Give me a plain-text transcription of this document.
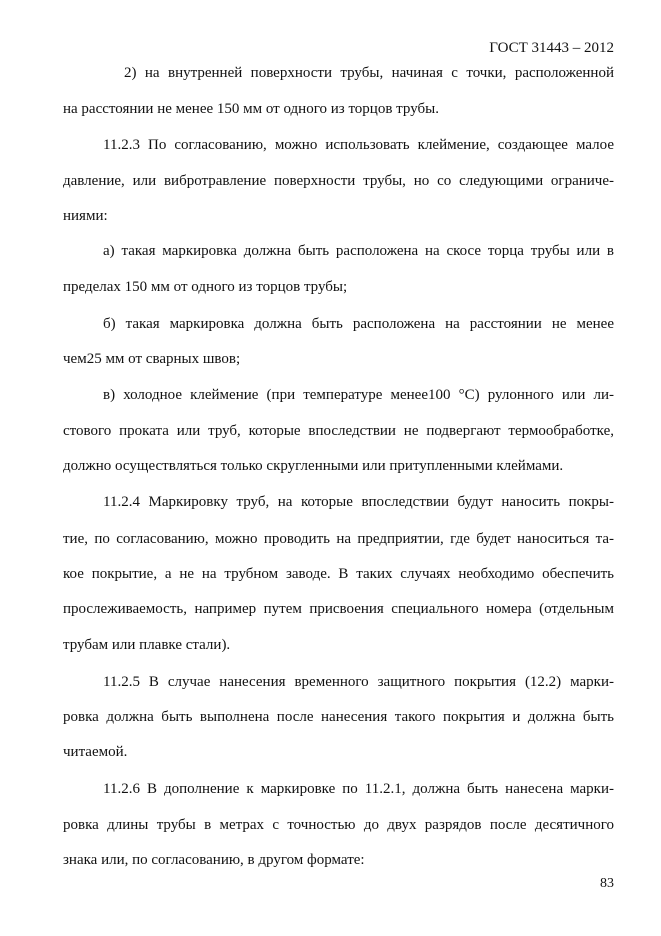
ГОСТ 31443 – 2012
2) на внутренней поверхности трубы, начиная с точки, расположенной
на расстоянии не менее 150 мм от одного из торцов трубы.
11.2.3 По согласованию, можно использовать клеймение, создающее малое
давление, или вибротравление поверхности трубы, но со следующими ограниче-
ниями:
а) такая маркировка должна быть расположена на скосе торца трубы или в
пределах 150 мм от одного из торцов трубы;
б) такая маркировка должна быть расположена на расстоянии не менее
чем25 мм от сварных швов;
в) холодное клеймение (при температуре менее100 °С) рулонного или ли-
стового проката или труб, которые впоследствии не подвергают термообработке,
должно осуществляться только скругленными или притупленными клеймами.
11.2.4 Маркировку труб, на которые впоследствии будут наносить покры-
тие, по согласованию, можно проводить на предприятии, где будет наноситься та-
кое покрытие, а не на трубном заводе. В таких случаях необходимо обеспечить
прослеживаемость, например путем присвоения специального номера (отдельным
трубам или плавке стали).
11.2.5 В случае нанесения временного защитного покрытия (12.2) марки-
ровка должна быть выполнена после нанесения такого покрытия и должна быть
читаемой.
11.2.6 В дополнение к маркировке по 11.2.1, должна быть нанесена марки-
ровка длины трубы в метрах с точностью до двух разрядов после десятичного
знака или, по согласованию, в другом формате:
83
